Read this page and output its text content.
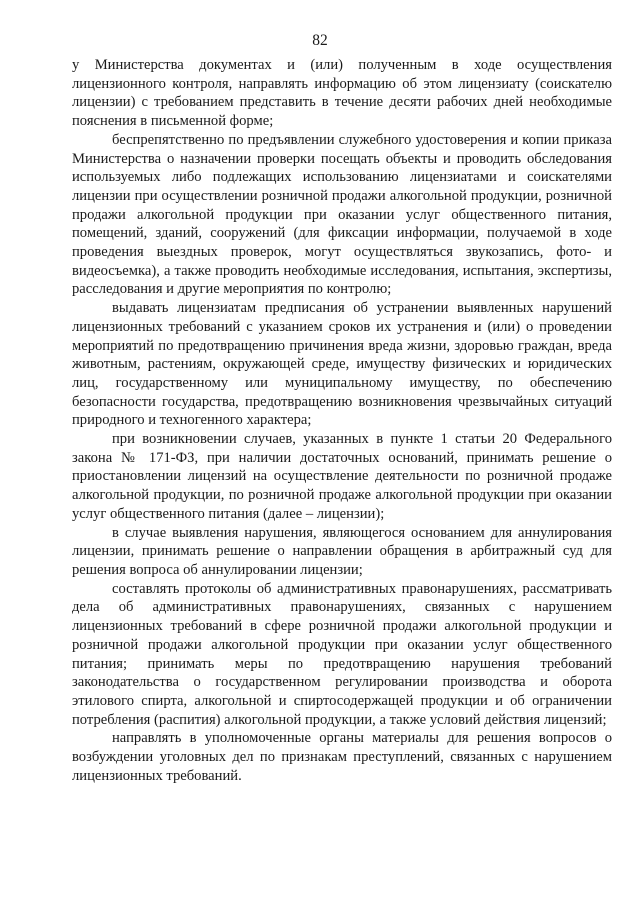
82

у Министерства документах и (или) полученным в ходе осуществления лицензионного контроля, направлять информацию об этом лицензиату (соискателю лицензии) с требованием представить в течение десяти рабочих дней необходимые пояснения в письменной форме;

беспрепятственно по предъявлении служебного удостоверения и копии приказа Министерства о назначении проверки посещать объекты и проводить обследования используемых либо подлежащих использованию лицензиатами и соискателями лицензии при осуществлении розничной продажи алкогольной продукции, розничной продажи алкогольной продукции при оказании услуг общественного питания, помещений, зданий, сооружений (для фиксации информации, получаемой в ходе проведения выездных проверок, могут осуществляться звукозапись, фото- и видеосъемка), а также проводить необходимые исследования, испытания, экспертизы, расследования и другие мероприятия по контролю;

выдавать лицензиатам предписания об устранении выявленных нарушений лицензионных требований с указанием сроков их устранения и (или) о проведении мероприятий по предотвращению причинения вреда жизни, здоровью граждан, вреда животным, растениям, окружающей среде, имуществу физических и юридических лиц, государственному или муниципальному имуществу, по обеспечению безопасности государства, предотвращению возникновения чрезвычайных ситуаций природного и техногенного характера;

при возникновении случаев, указанных в пункте 1 статьи 20 Федерального закона № 171-ФЗ, при наличии достаточных оснований, принимать решение о приостановлении лицензий на осуществление деятельности по розничной продаже алкогольной продукции, по розничной продаже алкогольной продукции при оказании услуг общественного питания (далее – лицензии);

в случае выявления нарушения, являющегося основанием для аннулирования лицензии, принимать решение о направлении обращения в арбитражный суд для решения вопроса об аннулировании лицензии;

составлять протоколы об административных правонарушениях, рассматривать дела об административных правонарушениях, связанных с нарушением лицензионных требований в сфере розничной продажи алкогольной продукции и розничной продажи алкогольной продукции при оказании услуг общественного питания; принимать меры по предотвращению нарушения требований законодательства о государственном регулировании производства и оборота этилового спирта, алкогольной и спиртосодержащей продукции и об ограничении потребления (распития) алкогольной продукции, а также условий действия лицензий;

направлять в уполномоченные органы материалы для решения вопросов о возбуждении уголовных дел по признакам преступлений, связанных с нарушением лицензионных требований.
